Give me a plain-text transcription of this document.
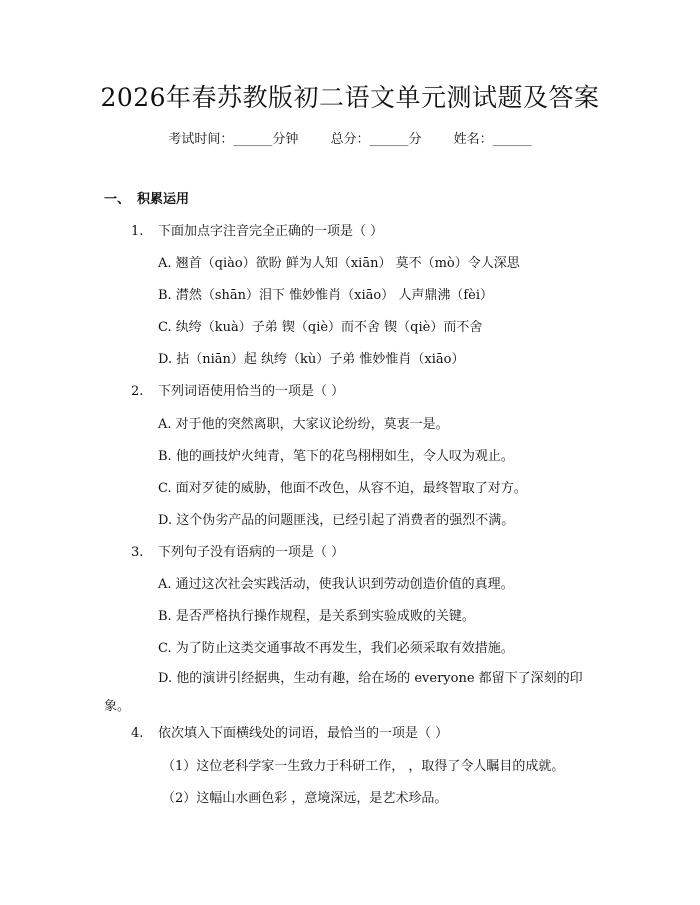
2026年春苏教版初二语文单元测试题及答案
考试时间：______分钟 总分：______分 姓名：______
一、 积累运用
1. 下面加点字注音完全正确的一项是（ ）
A. 翘首（qiào）欲盼 鲜为人知（xiān） 莫不（mò）令人深思
B. 潸然（shān）泪下 惟妙惟肖（xiāo） 人声鼎沸（fèi）
C. 纨绔（kuà）子弟 锲（qiè）而不舍 锲（qiè）而不舍
D. 拈（niān）起 纨绔（kù）子弟 惟妙惟肖（xiāo）
2. 下列词语使用恰当的一项是（ ）
A. 对于他的突然离职，大家议论纷纷，莫衷一是。
B. 他的画技炉火纯青，笔下的花鸟栩栩如生，令人叹为观止。
C. 面对歹徒的威胁，他面不改色，从容不迫，最终智取了对方。
D. 这个伪劣产品的问题匪浅，已经引起了消费者的强烈不满。
3. 下列句子没有语病的一项是（ ）
A. 通过这次社会实践活动，使我认识到劳动创造价值的真理。
B. 是否严格执行操作规程，是关系到实验成败的关键。
C. 为了防止这类交通事故不再发生，我们必须采取有效措施。
D. 他的演讲引经据典，生动有趣，给在场的 everyone 都留下了深刻的印象。
4. 依次填入下面横线处的词语，最恰当的一项是（ ）
（1）这位老科学家一生致力于科研工作， ，取得了令人瞩目的成就。
（2）这幅山水画色彩 ，意境深远，是艺术珍品。
